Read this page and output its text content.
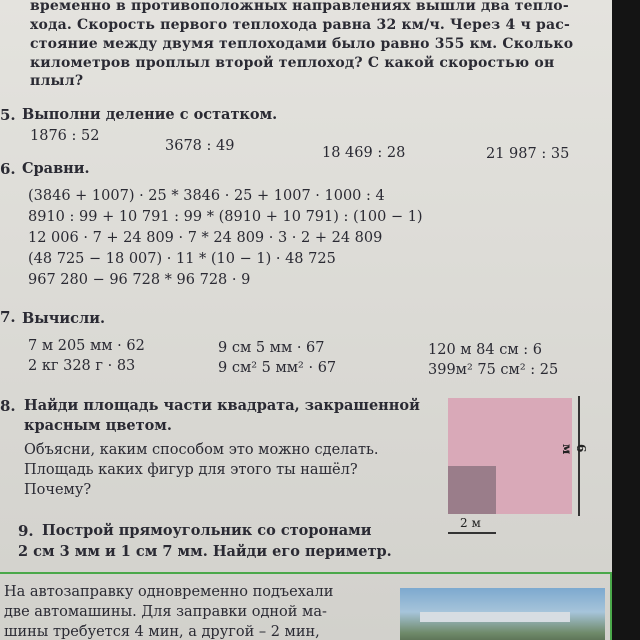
временно в противоположных направлениях вышли два тепло-
хода. Скорость первого теплохода равна 32 км/ч. Через 4 ч рас-
стояние между двумя теплоходами было равно 355 км. Сколько
километров проплыл второй теплоход? С какой скоростью он
плыл?
5. Выполни деление с остатком.
1876 : 52
3678 : 49	18 469 : 28	21 987 : 35
6. Сравни.
(3846 + 1007) · 25 * 3846 · 25 + 1007 · 1000 : 4
8910 : 99 + 10 791 : 99 * (8910 + 10 791) : (100 − 1)
12 006 · 7 + 24 809 · 7 * 24 809 · 3 · 2 + 24 809
(48 725 − 18 007) · 11 * (10 − 1) · 48 725
967 280 − 96 728 * 96 728 · 9
7. Вычисли.
7 м 205 мм · 62	9 см 5 мм · 67	120 м 84 см : 6
2 кг 328 г · 83	9 см² 5 мм² · 67	399м² 75 см² : 25
8. Найди площадь части квадрата, закрашенной
красным цветом.
Объясни, каким способом это можно сделать.
Площадь каких фигур для этого ты нашёл?
Почему?
6 м
2 м
9. Построй прямоугольник со сторонами
2 см 3 мм и 1 см 7 мм. Найди его периметр.
На автозаправку одновременно подъехали
две автомашины. Для заправки одной ма-
шины требуется 4 мин, а другой – 2 мин,
